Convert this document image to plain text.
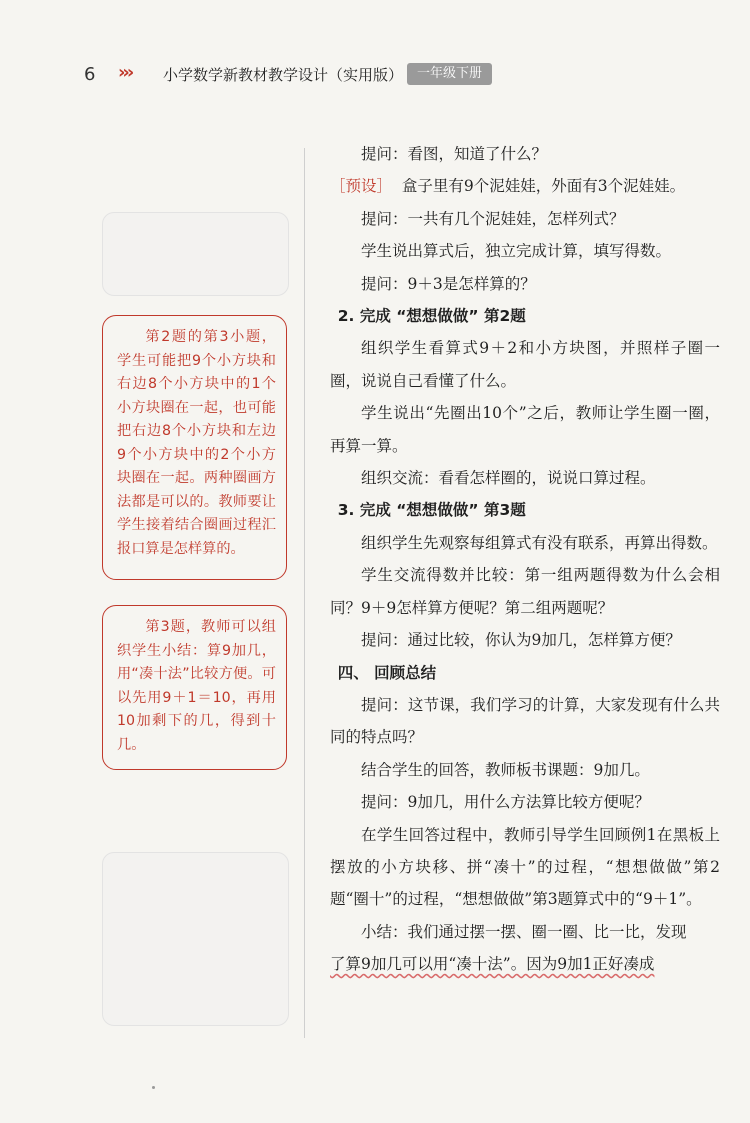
6 ››› 小学数学新教材教学设计（实用版）	一年级下册
第2题的第3小题，学生可能把9个小方块和右边8个小方块中的1个小方块圈在一起，也可能把右边8个小方块和左边9个小方块中的2个小方块圈在一起。两种圈画方法都是可以的。教师要让学生接着结合圈画过程汇报口算是怎样算的。
第3题，教师可以组织学生小结：算9加几，用“凑十法”比较方便。可以先用9＋1＝10，再用10加剩下的几，得到十几。

提问：看图，知道了什么？

［预设］ 盒子里有9个泥娃娃，外面有3个泥娃娃。

提问：一共有几个泥娃娃，怎样列式？

学生说出算式后，独立完成计算，填写得数。

提问：9＋3是怎样算的？

2. 完成 “想想做做” 第2题

组织学生看算式9＋2和小方块图，并照样子圈一圈，说说自己看懂了什么。

学生说出“先圈出10个”之后，教师让学生圈一圈，再算一算。

组织交流：看看怎样圈的，说说口算过程。

3. 完成 “想想做做” 第3题

组织学生先观察每组算式有没有联系，再算出得数。

学生交流得数并比较：第一组两题得数为什么会相同？9＋9怎样算方便呢？第二组两题呢？

提问：通过比较，你认为9加几，怎样算方便？

四、 回顾总结

提问：这节课，我们学习的计算，大家发现有什么共同的特点吗？

结合学生的回答，教师板书课题：9加几。

提问：9加几，用什么方法算比较方便呢？

在学生回答过程中，教师引导学生回顾例1在黑板上摆放的小方块移、拼“凑十”的过程，“想想做做”第2题“圈十”的过程，“想想做做”第3题算式中的“9＋1”。

小结：我们通过摆一摆、圈一圈、比一比，发现

了算9加几可以用“凑十法”。因为9加1正好凑成
